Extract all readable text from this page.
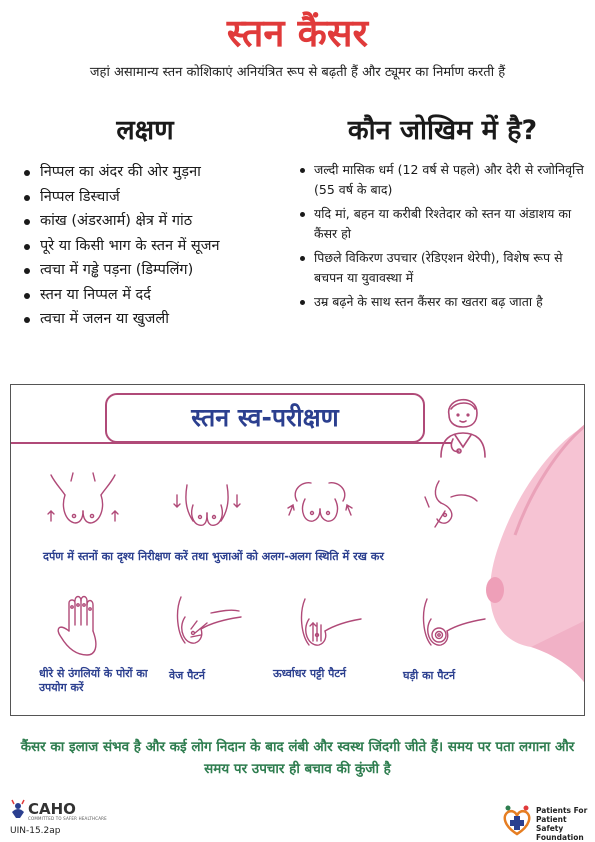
स्तन कैंसर
जहां असामान्य स्तन कोशिकाएं अनियंत्रित रूप से बढ़ती हैं और ट्यूमर का निर्माण करती हैं
लक्षण	कौन जोखिम में है?
निप्पल का अंदर की ओर मुड़ना
निप्पल डिस्चार्ज
कांख (अंडरआर्म) क्षेत्र में गांठ
पूरे या किसी भाग के स्तन में सूजन
त्वचा में गड्ढे पड़ना (डिम्पलिंग)
स्तन या निप्पल में दर्द
त्वचा में जलन या खुजली
जल्दी मासिक धर्म (12 वर्ष से पहले) और देरी से रजोनिवृत्ति (55 वर्ष के बाद)
यदि मां, बहन या करीबी रिश्तेदार को स्तन या अंडाशय का कैंसर हो
पिछले विकिरण उपचार (रेडिएशन थेरेपी), विशेष रूप से बचपन या युवावस्था में
उम्र बढ़ने के साथ स्तन कैंसर का खतरा बढ़ जाता है
स्तन स्व-परीक्षण
दर्पण में स्तनों का दृश्य निरीक्षण करें तथा भुजाओं को अलग-अलग स्थिति में रख कर
धीरे से उंगलियों के पोरों का उपयोग करें
वेज पैटर्न	ऊर्ध्वाधर पट्टी पैटर्न	घड़ी का पैटर्न
कैंसर का इलाज संभव है और कई लोग निदान के बाद लंबी और स्वस्थ जिंदगी जीते हैं। समय पर पता लगाना और समय पर उपचार ही बचाव की कुंजी है
CAHO
COMMITTED TO SAFER HEALTHCARE
UIN-15.2ap
Patients For Patient Safety Foundation
